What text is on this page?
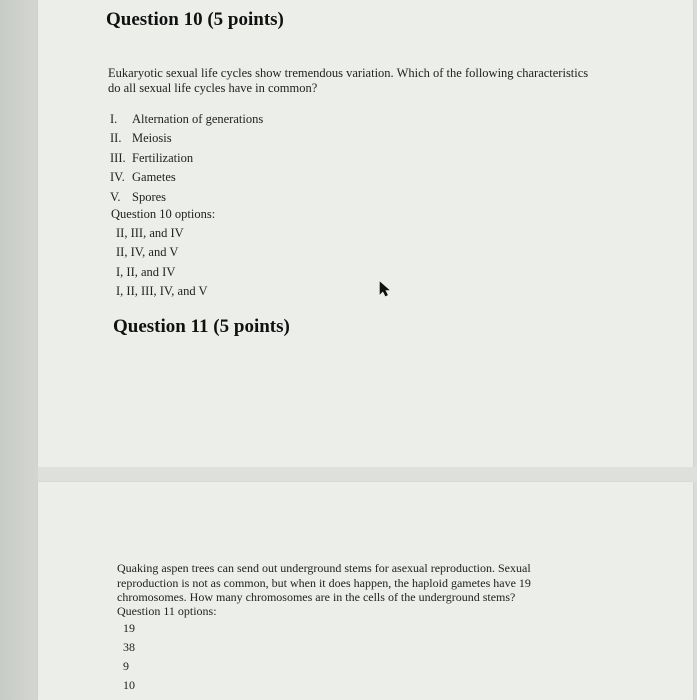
Question 10 (5 points)

Eukaryotic sexual life cycles show tremendous variation. Which of the following characteristics
do all sexual life cycles have in common?

I. Alternation of generations
II. Meiosis
III. Fertilization
IV. Gametes
V. Spores

Question 10 options:

II, III, and IV
II, IV, and V
I, II, and IV
I, II, III, IV, and V
Question 11 (5 points)

Quaking aspen trees can send out underground stems for asexual reproduction. Sexual
reproduction is not as common, but when it does happen, the haploid gametes have 19
chromosomes. How many chromosomes are in the cells of the underground stems?

Question 11 options:

19
38
9
10
